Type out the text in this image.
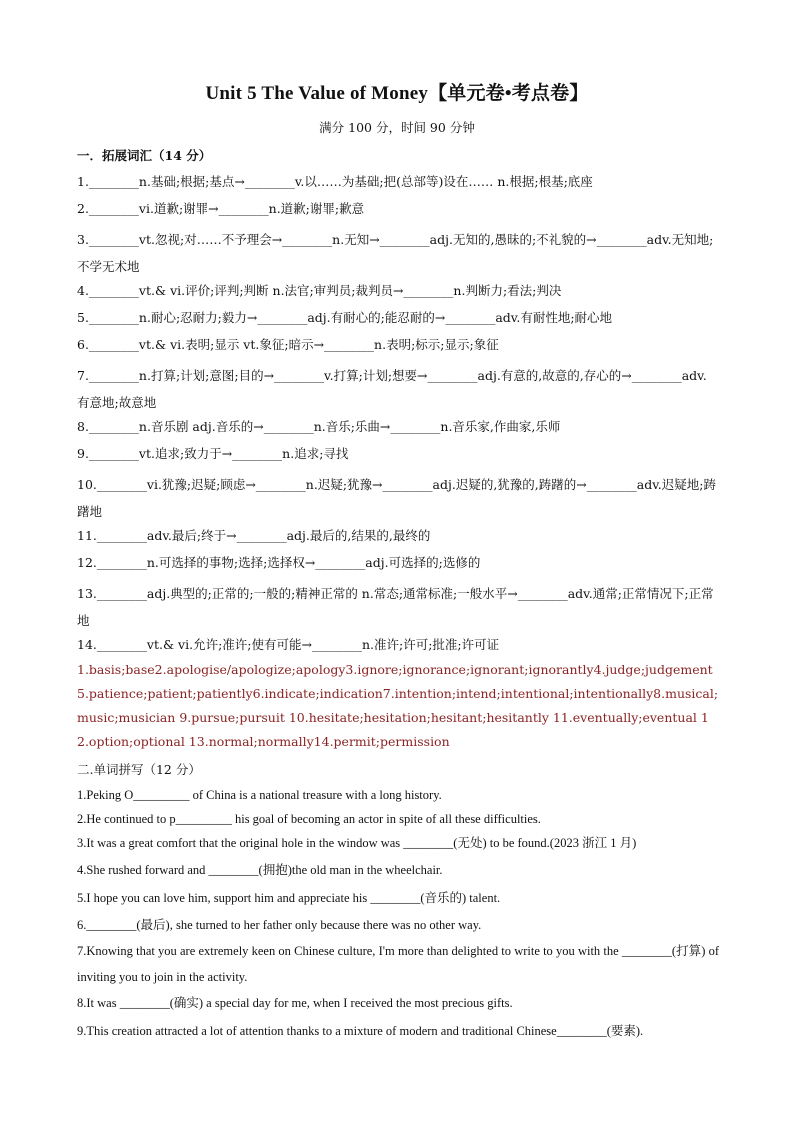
Unit 5 The Value of Money【单元卷•考点卷】
满分 100 分，时间 90 分钟
一．拓展词汇（14 分）
1.________n.基础;根据;基点→________v.以……为基础;把(总部等)设在…… n.根据;根基;底座
2.________vi.道歉;谢罪→________n.道歉;谢罪;歉意
3.________vt.忽视;对……不予理会→________n.无知→________adj.无知的,愚昧的;不礼貌的→________adv.无知地;不学无术地
4.________vt.& vi.评价;评判;判断 n.法官;审判员;裁判员→________n.判断力;看法;判决
5.________n.耐心;忍耐力;毅力→________adj.有耐心的;能忍耐的→________adv.有耐性地;耐心地
6.________vt.& vi.表明;显示 vt.象征;暗示→________n.表明;标示;显示;象征
7.________n.打算;计划;意图;目的→________v.打算;计划;想要→________adj.有意的,故意的,存心的→________adv.有意地;故意地
8.________n.音乐剧 adj.音乐的→________n.音乐;乐曲→________n.音乐家,作曲家,乐师
9.________vt.追求;致力于→________n.追求;寻找
10.________vi.犹豫;迟疑;顾虑→________n.迟疑;犹豫→________adj.迟疑的,犹豫的,踌躇的→________adv.迟疑地;踌躇地
11.________adv.最后;终于→________adj.最后的,结果的,最终的
12.________n.可选择的事物;选择;选择权→________adj.可选择的;选修的
13.________adj.典型的;正常的;一般的;精神正常的 n.常态;通常标准;一般水平→________adv.通常;正常情况下;正常地
14.________vt.& vi.允许;准许;使有可能→________n.准许;许可;批准;许可证
1.basis;base2.apologise/apologize;apology3.ignore;ignorance;ignorant;ignorantly4.judge;judgement 5.patience;patient;patiently6.indicate;indication7.intention;intend;intentional;intentionally8.musical;music;musician 9.pursue;pursuit 10.hesitate;hesitation;hesitant;hesitantly 11.eventually;eventual 12.option;optional 13.normal;normally14.permit;permission
二.单词拼写（12 分）
1.Peking O_________ of China is a national treasure with a long history.
2.He continued to p_________ his goal of becoming an actor in spite of all these difficulties.
3.It was a great comfort that the original hole in the window was ________(无处) to be found.(2023 浙江 1 月)
4.She rushed forward and ________(拥抱)the old man in the wheelchair.
5.I hope you can love him, support him and appreciate his ________(音乐的) talent.
6.________(最后), she turned to her father only because there was no other way.
7.Knowing that you are extremely keen on Chinese culture, I'm more than delighted to write to you with the ________(打算) of inviting you to join in the activity.
8.It was ________(确实) a special day for me, when I received the most precious gifts.
9.This creation attracted a lot of attention thanks to a mixture of modern and traditional Chinese________(要素).
